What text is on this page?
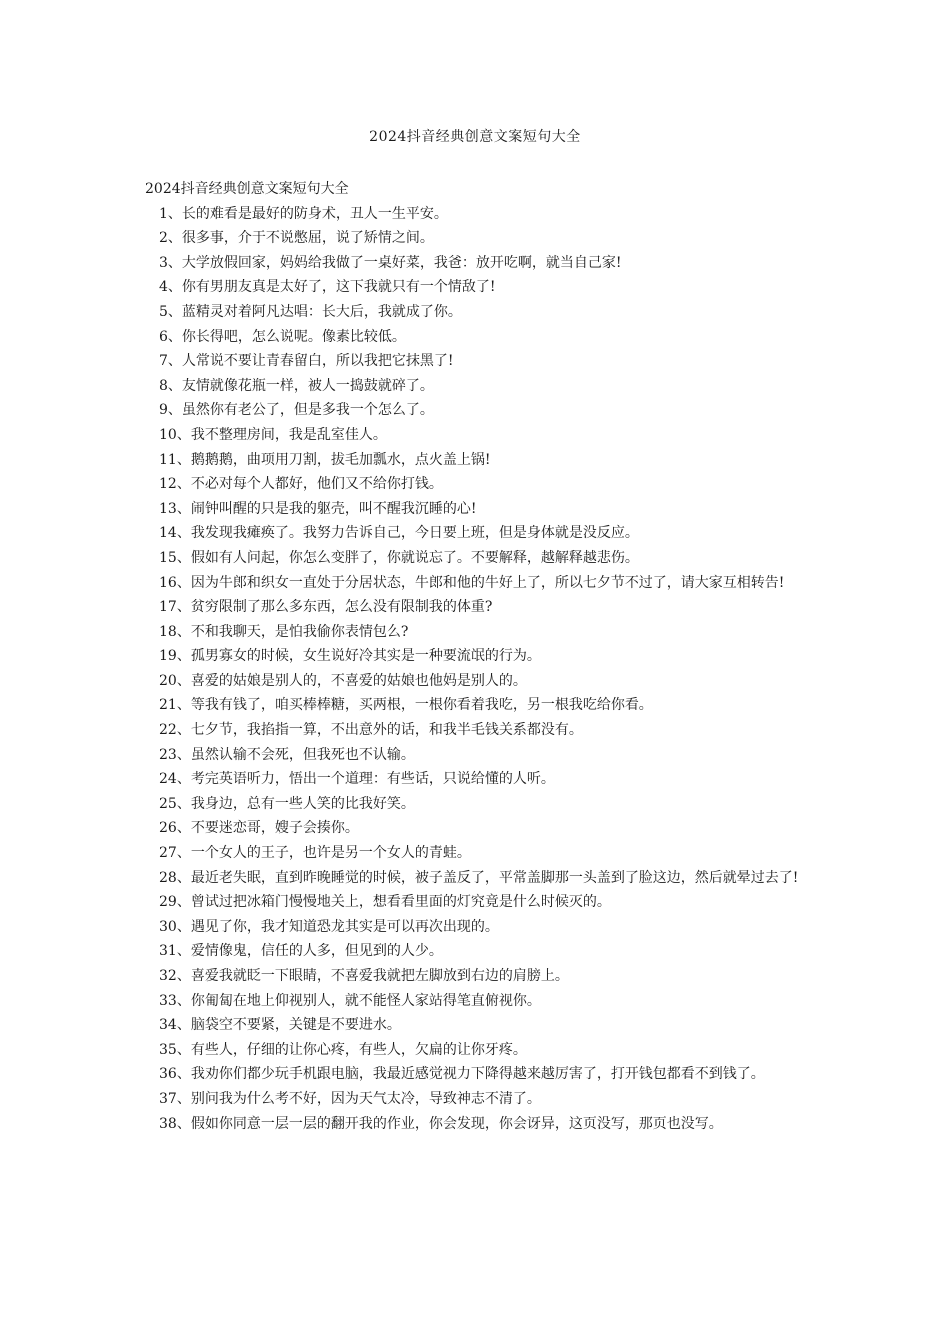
2024抖音经典创意文案短句大全

2024抖音经典创意文案短句大全

1、长的难看是最好的防身术，丑人一生平安。
2、很多事，介于不说憋屈，说了矫情之间。
3、大学放假回家，妈妈给我做了一桌好菜，我爸：放开吃啊，就当自己家!
4、你有男朋友真是太好了，这下我就只有一个情敌了!
5、蓝精灵对着阿凡达唱：长大后，我就成了你。
6、你长得吧，怎么说呢。像素比较低。
7、人常说不要让青春留白，所以我把它抹黑了!
8、友情就像花瓶一样，被人一捣鼓就碎了。
9、虽然你有老公了，但是多我一个怎么了。
10、我不整理房间，我是乱室佳人。
11、鹅鹅鹅，曲项用刀割，拔毛加瓢水，点火盖上锅!
12、不必对每个人都好，他们又不给你打钱。
13、闹钟叫醒的只是我的躯壳，叫不醒我沉睡的心!
14、我发现我瘫痪了。我努力告诉自己，今日要上班，但是身体就是没反应。
15、假如有人问起，你怎么变胖了，你就说忘了。不要解释，越解释越悲伤。
16、因为牛郎和织女一直处于分居状态，牛郎和他的牛好上了，所以七夕节不过了，请大家互相转告!
17、贫穷限制了那么多东西，怎么没有限制我的体重?
18、不和我聊天，是怕我偷你表情包么?
19、孤男寡女的时候，女生说好冷其实是一种要流氓的行为。
20、喜爱的姑娘是别人的，不喜爱的姑娘也他妈是别人的。
21、等我有钱了，咱买棒棒糖，买两根，一根你看着我吃，另一根我吃给你看。
22、七夕节，我掐指一算，不出意外的话，和我半毛钱关系都没有。
23、虽然认输不会死，但我死也不认输。
24、考完英语听力，悟出一个道理：有些话，只说给懂的人听。
25、我身边，总有一些人笑的比我好笑。
26、不要迷恋哥，嫂子会揍你。
27、一个女人的王子，也许是另一个女人的青蛙。
28、最近老失眠，直到昨晚睡觉的时候，被子盖反了，平常盖脚那一头盖到了脸这边，然后就晕过去了!
29、曾试过把冰箱门慢慢地关上，想看看里面的灯究竟是什么时候灭的。
30、遇见了你，我才知道恐龙其实是可以再次出现的。
31、爱情像鬼，信任的人多，但见到的人少。
32、喜爱我就眨一下眼睛，不喜爱我就把左脚放到右边的肩膀上。
33、你匍匐在地上仰视别人，就不能怪人家站得笔直俯视你。
34、脑袋空不要紧，关键是不要进水。
35、有些人，仔细的让你心疼，有些人，欠扁的让你牙疼。
36、我劝你们都少玩手机跟电脑，我最近感觉视力下降得越来越厉害了，打开钱包都看不到钱了。
37、别问我为什么考不好，因为天气太冷，导致神志不清了。
38、假如你同意一层一层的翻开我的作业，你会发现，你会讶异，这页没写，那页也没写。
